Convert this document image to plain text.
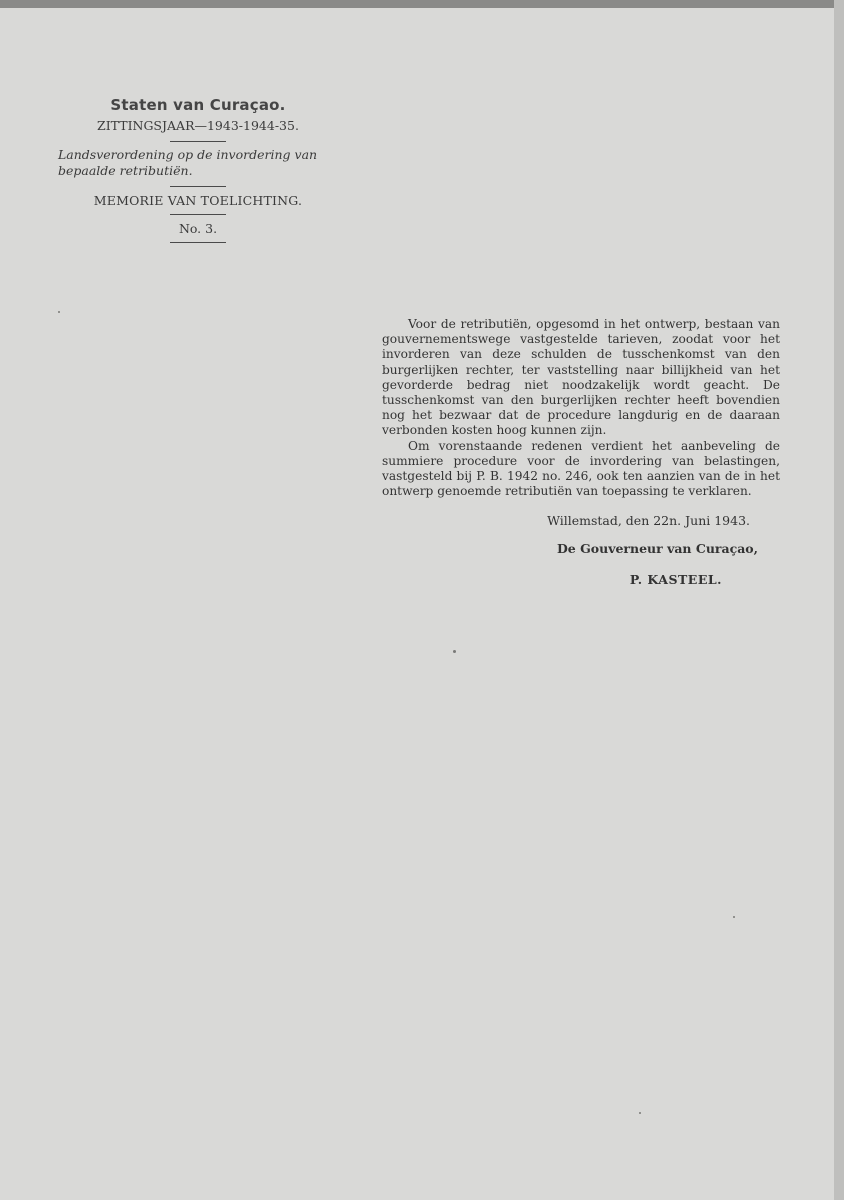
Staten van Curaçao.
ZITTINGSJAAR—1943-1944-35.
Landsverordening op de invordering van bepaalde retributiën.
MEMORIE VAN TOELICHTING.
No. 3.

Voor de retributiën, opgesomd in het ontwerp, bestaan van gouvernementswege vastgestelde tarieven, zoodat voor het invorderen van deze schulden de tusschenkomst van den burgerlijken rechter, ter vaststelling naar billijkheid van het gevorderde bedrag niet noodzakelijk wordt geacht. De tusschenkomst van den burgerlijken rechter heeft bovendien nog het bezwaar dat de procedure langdurig en de daaraan verbonden kosten hoog kunnen zijn.

Om vorenstaande redenen verdient het aanbeveling de summiere procedure voor de invordering van belastingen, vastgesteld bij P. B. 1942 no. 246, ook ten aanzien van de in het ontwerp genoemde retributiën van toepassing te verklaren.

Willemstad, den 22n. Juni 1943.
De Gouverneur van Curaçao,
P. KASTEEL.
